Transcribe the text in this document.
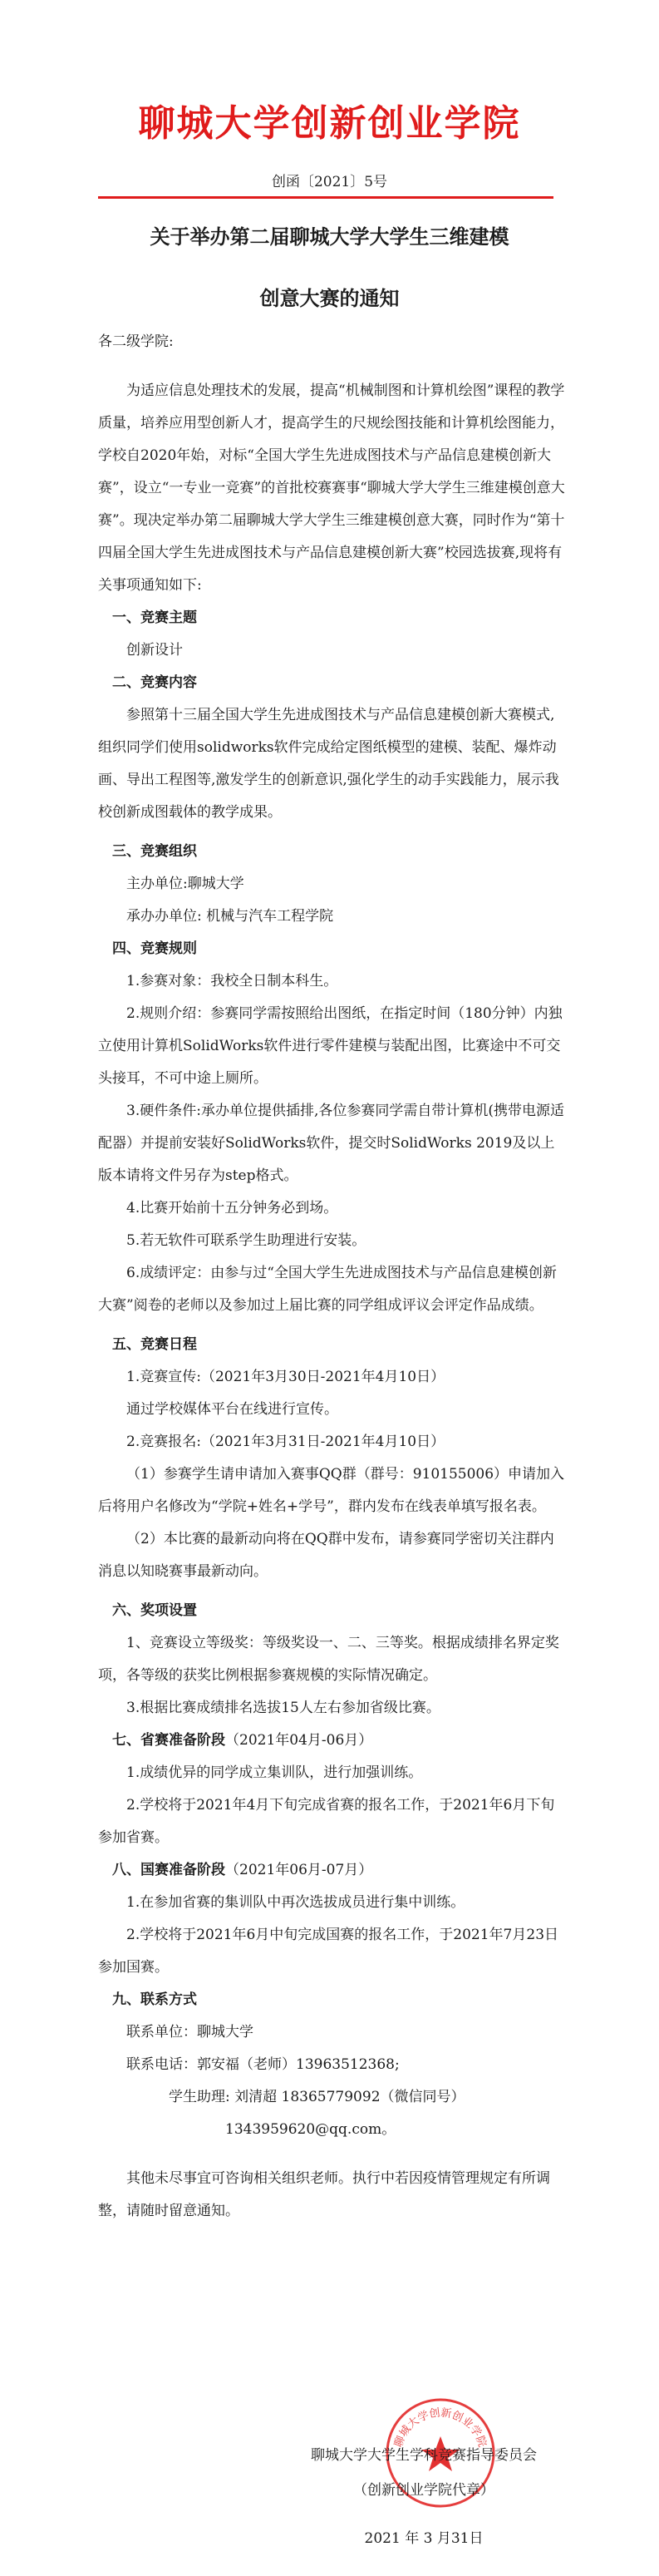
聊城大学创新创业学院
创函〔2021〕5号
关于举办第二届聊城大学大学生三维建模
创意大赛的通知

各二级学院:

为适应信息处理技术的发展，提高“机械制图和计算机绘图”课程的教学质量，培养应用型创新人才，提高学生的尺规绘图技能和计算机绘图能力，学校自2020年始，对标“全国大学生先进成图技术与产品信息建模创新大赛”，设立“一专业一竞赛”的首批校赛赛事“聊城大学大学生三维建模创意大赛”。现决定举办第二届聊城大学大学生三维建模创意大赛，同时作为“第十四届全国大学生先进成图技术与产品信息建模创新大赛”校园选拔赛,现将有关事项通知如下:

一、竞赛主题

创新设计

二、竞赛内容

参照第十三届全国大学生先进成图技术与产品信息建模创新大赛模式,组织同学们使用solidworks软件完成给定图纸模型的建模、装配、爆炸动画、导出工程图等,激发学生的创新意识,强化学生的动手实践能力，展示我校创新成图载体的教学成果。

三、竞赛组织

主办单位:聊城大学

承办办单位: 机械与汽车工程学院

四、竞赛规则

1.参赛对象：我校全日制本科生。

2.规则介绍：参赛同学需按照给出图纸，在指定时间（180分钟）内独立使用计算机SolidWorks软件进行零件建模与装配出图，比赛途中不可交头接耳，不可中途上厕所。

3.硬件条件:承办单位提供插排,各位参赛同学需自带计算机(携带电源适配器）并提前安装好SolidWorks软件，提交时SolidWorks 2019及以上版本请将文件另存为step格式。

4.比赛开始前十五分钟务必到场。

5.若无软件可联系学生助理进行安装。

6.成绩评定：由参与过“全国大学生先进成图技术与产品信息建模创新大赛”阅卷的老师以及参加过上届比赛的同学组成评议会评定作品成绩。

五、竞赛日程

1.竞赛宣传:（2021年3月30日-2021年4月10日）

通过学校媒体平台在线进行宣传。

2.竞赛报名:（2021年3月31日-2021年4月10日）

（1）参赛学生请申请加入赛事QQ群（群号：910155006）申请加入后将用户名修改为“学院+姓名+学号”，群内发布在线表单填写报名表。

（2）本比赛的最新动向将在QQ群中发布，请参赛同学密切关注群内消息以知晓赛事最新动向。

六、奖项设置

1、竞赛设立等级奖：等级奖设一、二、三等奖。根据成绩排名界定奖项，各等级的获奖比例根据参赛规模的实际情况确定。

3.根据比赛成绩排名选拔15人左右参加省级比赛。

七、省赛准备阶段（2021年04月-06月）

1.成绩优异的同学成立集训队，进行加强训练。

2.学校将于2021年4月下旬完成省赛的报名工作，于2021年6月下旬参加省赛。

八、国赛准备阶段（2021年06月-07月）

1.在参加省赛的集训队中再次选拔成员进行集中训练。

2.学校将于2021年6月中旬完成国赛的报名工作，于2021年7月23日参加国赛。

九、联系方式

联系单位：聊城大学

联系电话：郭安福（老师）13963512368;

学生助理: 刘清超 18365779092（微信同号）

1343959620@qq.com。

其他未尽事宜可咨询相关组织老师。执行中若因疫情管理规定有所调整，请随时留意通知。

聊城大学创新创业学院
聊城大学大学生学科竞赛指导委员会
（创新创业学院代章）
2021 年 3 月31日
